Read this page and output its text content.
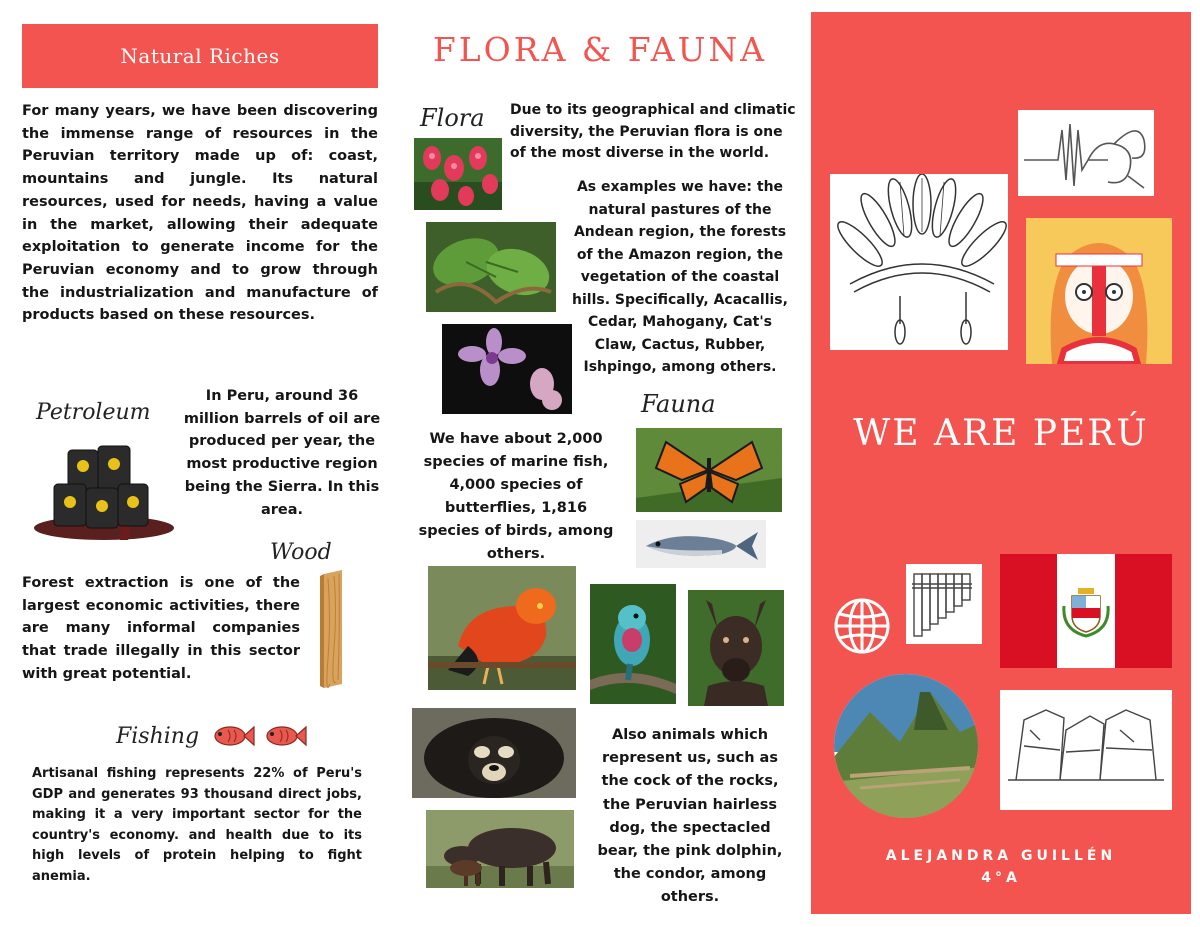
Natural Riches
For many years, we have been discovering the immense range of resources in the Peruvian territory made up of: coast, mountains and jungle. Its natural resources, used for needs, having a value in the market, allowing their adequate exploitation to generate income for the Peruvian economy and to grow through the industrialization and manufacture of products based on these resources.
Petroleum
In Peru, around 36 million barrels of oil are produced per year, the most productive region being the Sierra. In this area.
Wood
Forest extraction is one of the largest economic activities, there are many informal companies that trade illegally in this sector with great potential.
Fishing
Artisanal fishing represents 22% of Peru's GDP and generates 93 thousand direct jobs, making it a very important sector for the country's economy. and health due to its high levels of protein helping to fight anemia.
FLORA & FAUNA
Flora Due to its geographical and climatic diversity, the Peruvian flora is one of the most diverse in the world.
As examples we have: the natural pastures of the Andean region, the forests of the Amazon region, the vegetation of the coastal hills. Specifically, Acacallis, Cedar, Mahogany, Cat's Claw, Cactus, Rubber, Ishpingo, among others.
Fauna
We have about 2,000 species of marine fish, 4,000 species of butterflies, 1,816 species of birds, among others.
Also animals which represent us, such as the cock of the rocks, the Peruvian hairless dog, the spectacled bear, the pink dolphin, the condor, among others.
WE ARE PERÚ
ALEJANDRA GUILLÉN
4°A
